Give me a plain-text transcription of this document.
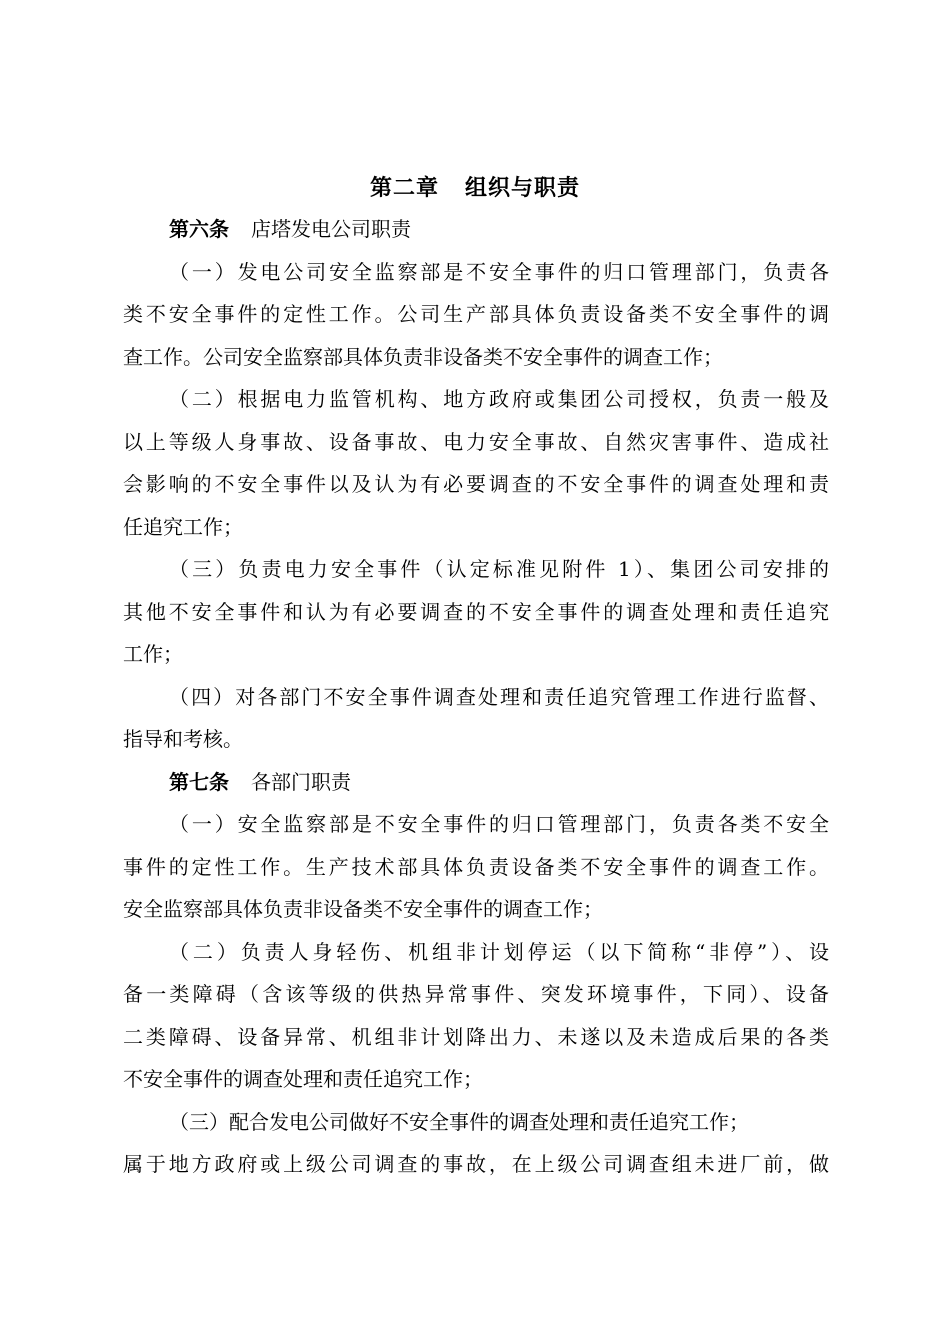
第二章 组织与职责
第六条 店塔发电公司职责
（一）发电公司安全监察部是不安全事件的归口管理部门，负责各
类不安全事件的定性工作。公司生产部具体负责设备类不安全事件的调
查工作。公司安全监察部具体负责非设备类不安全事件的调查工作；
（二）根据电力监管机构、地方政府或集团公司授权，负责一般及
以上等级人身事故、设备事故、电力安全事故、自然灾害事件、造成社
会影响的不安全事件以及认为有必要调查的不安全事件的调查处理和责
任追究工作；
（三）负责电力安全事件（认定标准见附件 1）、集团公司安排的
其他不安全事件和认为有必要调查的不安全事件的调查处理和责任追究
工作；
（四）对各部门不安全事件调查处理和责任追究管理工作进行监督、
指导和考核。
第七条 各部门职责
（一）安全监察部是不安全事件的归口管理部门，负责各类不安全
事件的定性工作。生产技术部具体负责设备类不安全事件的调查工作。
安全监察部具体负责非设备类不安全事件的调查工作；
（二）负责人身轻伤、机组非计划停运（以下简称“非停”）、设
备一类障碍（含该等级的供热异常事件、突发环境事件，下同）、设备
二类障碍、设备异常、机组非计划降出力、未遂以及未造成后果的各类
不安全事件的调查处理和责任追究工作；
（三）配合发电公司做好不安全事件的调查处理和责任追究工作；
属于地方政府或上级公司调查的事故，在上级公司调查组未进厂前，做
